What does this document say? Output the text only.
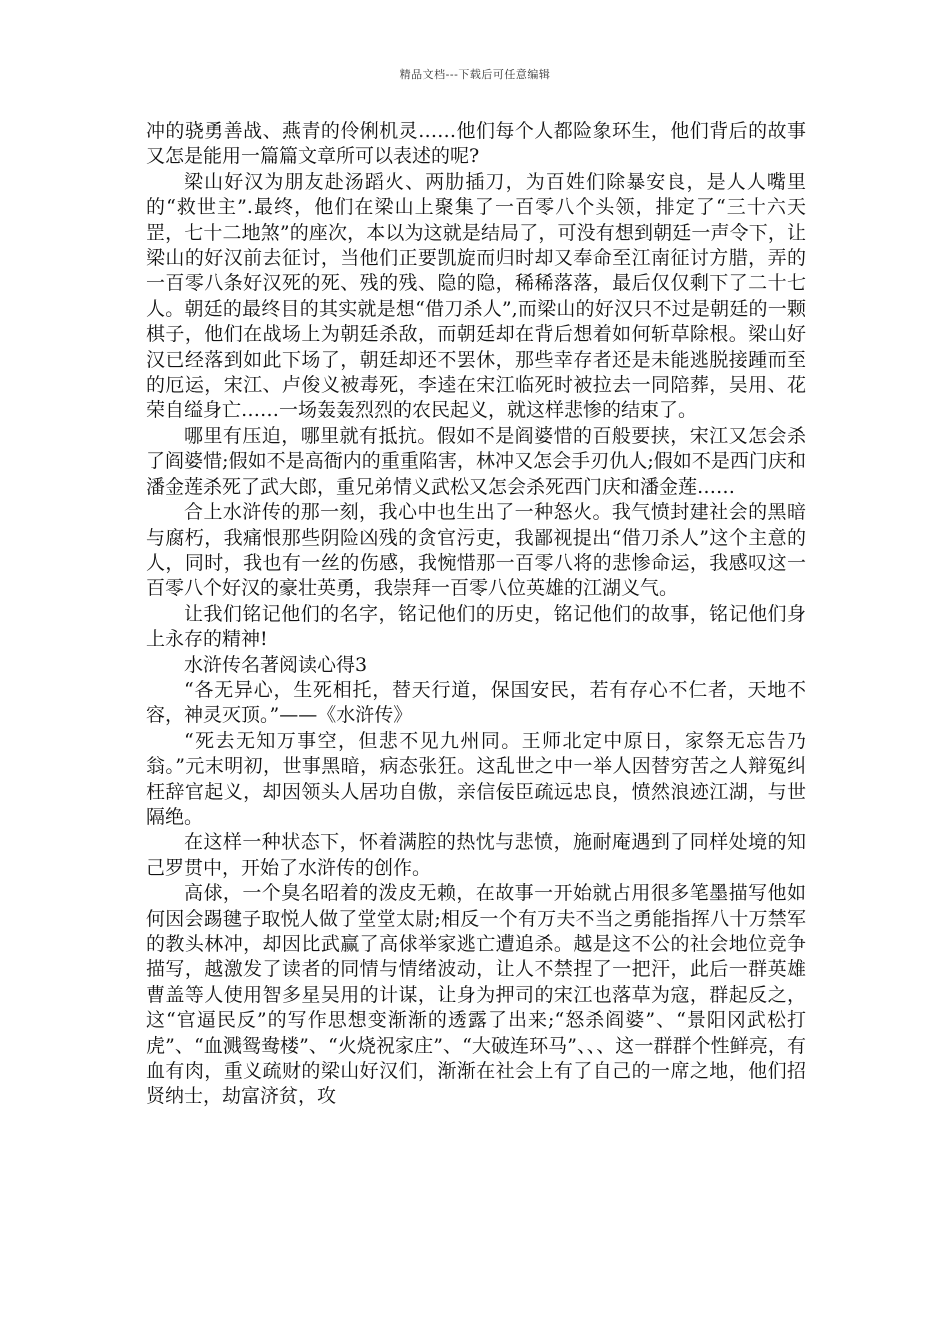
精品文档---下载后可任意编辑

冲的骁勇善战、燕青的伶俐机灵……他们每个人都险象环生，他们背后的故事又怎是能用一篇篇文章所可以表述的呢?

梁山好汉为朋友赴汤蹈火、两肋插刀，为百姓们除暴安良，是人人嘴里的“救世主”.最终，他们在梁山上聚集了一百零八个头领，排定了“三十六天罡，七十二地煞”的座次，本以为这就是结局了，可没有想到朝廷一声令下，让梁山的好汉前去征讨，当他们正要凯旋而归时却又奉命至江南征讨方腊，弄的一百零八条好汉死的死、残的残、隐的隐，稀稀落落，最后仅仅剩下了二十七人。朝廷的最终目的其实就是想“借刀杀人”,而梁山的好汉只不过是朝廷的一颗棋子，他们在战场上为朝廷杀敌，而朝廷却在背后想着如何斩草除根。梁山好汉已经落到如此下场了，朝廷却还不罢休，那些幸存者还是未能逃脱接踵而至的厄运，宋江、卢俊义被毒死，李逵在宋江临死时被拉去一同陪葬，吴用、花荣自缢身亡……一场轰轰烈烈的农民起义，就这样悲惨的结束了。

哪里有压迫，哪里就有抵抗。假如不是阎婆惜的百般要挟，宋江又怎会杀了阎婆惜;假如不是高衙内的重重陷害，林冲又怎会手刃仇人;假如不是西门庆和潘金莲杀死了武大郎，重兄弟情义武松又怎会杀死西门庆和潘金莲……

合上水浒传的那一刻，我心中也生出了一种怒火。我气愤封建社会的黑暗与腐朽，我痛恨那些阴险凶残的贪官污吏，我鄙视提出“借刀杀人”这个主意的人，同时，我也有一丝的伤感，我惋惜那一百零八将的悲惨命运，我感叹这一百零八个好汉的豪壮英勇，我崇拜一百零八位英雄的江湖义气。

让我们铭记他们的名字，铭记他们的历史，铭记他们的故事，铭记他们身上永存的精神!

水浒传名著阅读心得3

“各无异心，生死相托，替天行道，保国安民，若有存心不仁者，天地不容，神灵灭顶。”——《水浒传》

“死去无知万事空，但悲不见九州同。王师北定中原日，家祭无忘告乃翁。”元末明初，世事黑暗，病态张狂。这乱世之中一举人因替穷苦之人辩冤纠枉辞官起义，却因领头人居功自傲，亲信佞臣疏远忠良，愤然浪迹江湖，与世隔绝。

在这样一种状态下，怀着满腔的热忱与悲愤，施耐庵遇到了同样处境的知己罗贯中，开始了水浒传的创作。

高俅，一个臭名昭着的泼皮无赖，在故事一开始就占用很多笔墨描写他如何因会踢毽子取悦人做了堂堂太尉;相反一个有万夫不当之勇能指挥八十万禁军的教头林冲，却因比武赢了高俅举家逃亡遭追杀。越是这不公的社会地位竞争描写，越激发了读者的同情与情绪波动，让人不禁捏了一把汗，此后一群英雄曹盖等人使用智多星吴用的计谋，让身为押司的宋江也落草为寇，群起反之，这“官逼民反”的写作思想变渐渐的透露了出来;“怒杀阎婆”、“景阳冈武松打虎”、“血溅鸳鸯楼”、“火烧祝家庄”、“大破连环马”、、、这一群群个性鲜亮，有血有肉，重义疏财的梁山好汉们，渐渐在社会上有了自己的一席之地，他们招贤纳士，劫富济贫，攻
